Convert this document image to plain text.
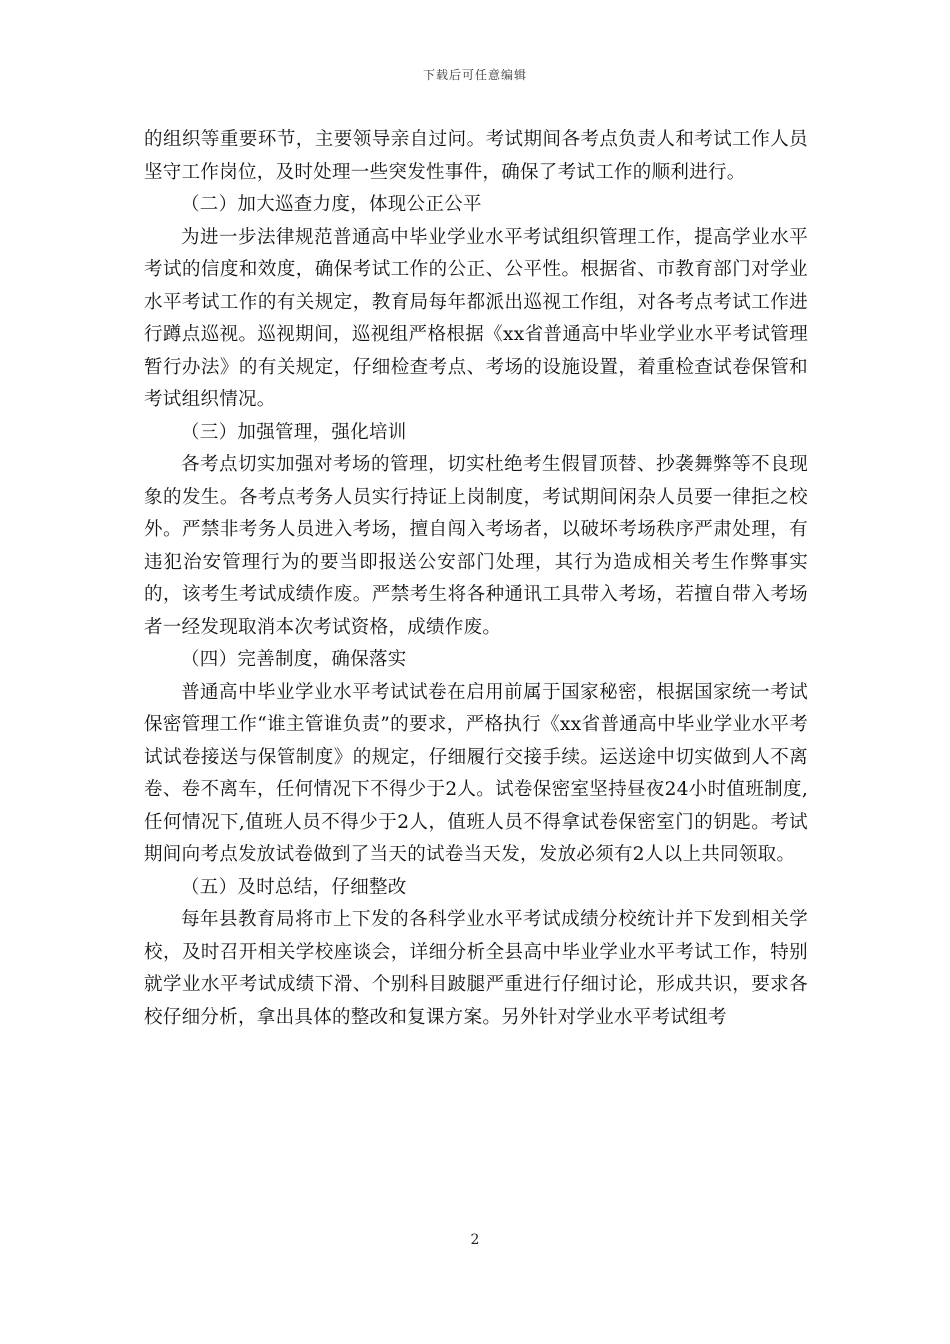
下载后可任意编辑

的组织等重要环节，主要领导亲自过问。考试期间各考点负责人和考试工作人员坚守工作岗位，及时处理一些突发性事件，确保了考试工作的顺利进行。

（二）加大巡查力度，体现公正公平

为进一步法律规范普通高中毕业学业水平考试组织管理工作，提高学业水平考试的信度和效度，确保考试工作的公正、公平性。根据省、市教育部门对学业水平考试工作的有关规定，教育局每年都派出巡视工作组，对各考点考试工作进行蹲点巡视。巡视期间，巡视组严格根据《xx省普通高中毕业学业水平考试管理暂行办法》的有关规定，仔细检查考点、考场的设施设置，着重检查试卷保管和考试组织情况。

（三）加强管理，强化培训

各考点切实加强对考场的管理，切实杜绝考生假冒顶替、抄袭舞弊等不良现象的发生。各考点考务人员实行持证上岗制度，考试期间闲杂人员要一律拒之校外。严禁非考务人员进入考场，擅自闯入考场者，以破坏考场秩序严肃处理，有违犯治安管理行为的要当即报送公安部门处理，其行为造成相关考生作弊事实的，该考生考试成绩作废。严禁考生将各种通讯工具带入考场，若擅自带入考场者一经发现取消本次考试资格，成绩作废。

（四）完善制度，确保落实

普通高中毕业学业水平考试试卷在启用前属于国家秘密，根据国家统一考试保密管理工作“谁主管谁负责”的要求，严格执行《xx省普通高中毕业学业水平考试试卷接送与保管制度》的规定，仔细履行交接手续。运送途中切实做到人不离卷、卷不离车，任何情况下不得少于2人。试卷保密室坚持昼夜24小时值班制度,任何情况下,值班人员不得少于2人，值班人员不得拿试卷保密室门的钥匙。考试期间向考点发放试卷做到了当天的试卷当天发，发放必须有2人以上共同领取。

（五）及时总结，仔细整改

每年县教育局将市上下发的各科学业水平考试成绩分校统计并下发到相关学校，及时召开相关学校座谈会，详细分析全县高中毕业学业水平考试工作，特别就学业水平考试成绩下滑、个别科目跛腿严重进行仔细讨论，形成共识，要求各校仔细分析，拿出具体的整改和复课方案。另外针对学业水平考试组考

2
